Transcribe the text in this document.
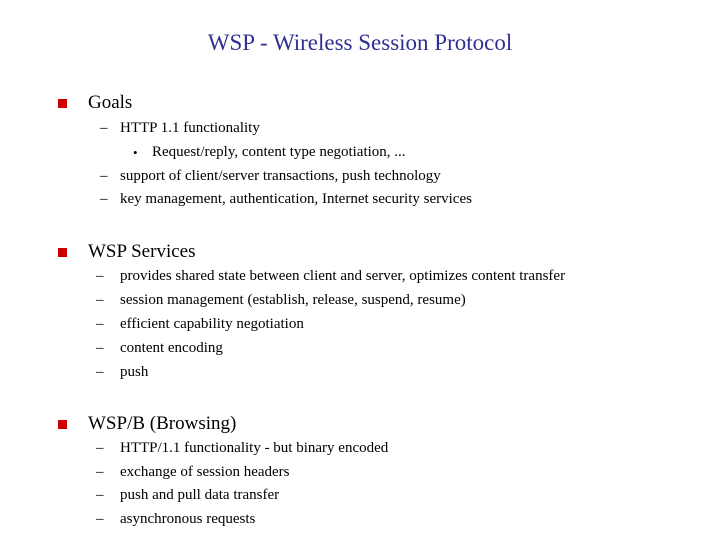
WSP - Wireless Session Protocol
Goals
– HTTP 1.1 functionality
• Request/reply, content type negotiation, ...
– support of client/server transactions, push technology
– key management, authentication, Internet security services
WSP Services
– provides shared state between client and server, optimizes content transfer
– session management (establish, release, suspend, resume)
– efficient capability negotiation
– content encoding
– push
WSP/B (Browsing)
– HTTP/1.1 functionality - but binary encoded
– exchange of session headers
– push and pull data transfer
– asynchronous requests
